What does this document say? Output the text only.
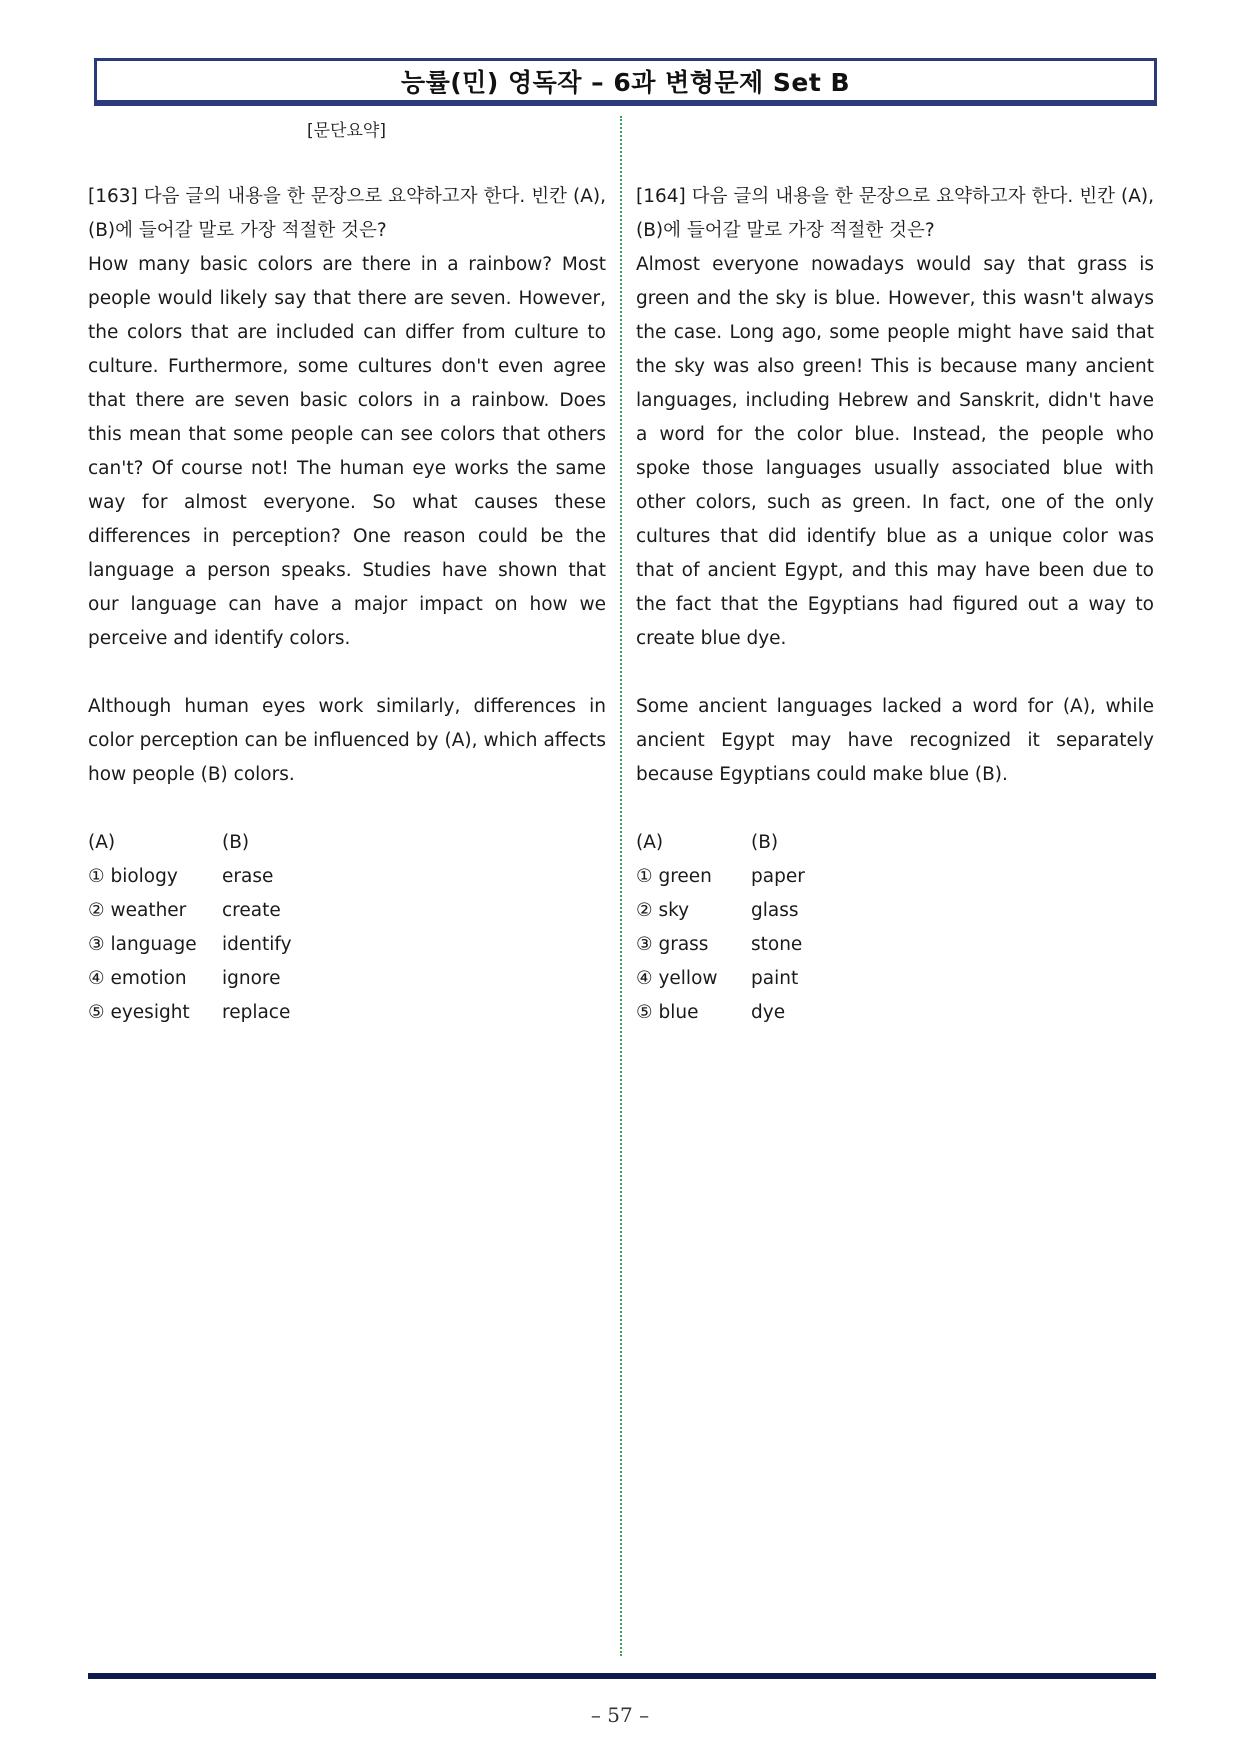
능률(민) 영독작 – 6과 변형문제 Set B
[문단요약]

[163] 다음 글의 내용을 한 문장으로 요약하고자 한다. 빈칸 (A), (B)에 들어갈 말로 가장 적절한 것은?

How many basic colors are there in a rainbow? Most people would likely say that there are seven. However, the colors that are included can differ from culture to culture. Furthermore, some cultures don't even agree that there are seven basic colors in a rainbow. Does this mean that some people can see colors that others can't? Of course not! The human eye works the same way for almost everyone. So what causes these differences in perception? One reason could be the language a person speaks. Studies have shown that our language can have a major impact on how we perceive and identify colors.

Although human eyes work similarly, differences in color perception can be influenced by (A), which affects how people (B) colors.

(A)	(B)
① biology	erase
② weather	create
③ language	identify
④ emotion	ignore
⑤ eyesight	replace

[164] 다음 글의 내용을 한 문장으로 요약하고자 한다. 빈칸 (A), (B)에 들어갈 말로 가장 적절한 것은?

Almost everyone nowadays would say that grass is green and the sky is blue. However, this wasn't always the case. Long ago, some people might have said that the sky was also green! This is because many ancient languages, including Hebrew and Sanskrit, didn't have a word for the color blue. Instead, the people who spoke those languages usually associated blue with other colors, such as green. In fact, one of the only cultures that did identify blue as a unique color was that of ancient Egypt, and this may have been due to the fact that the Egyptians had figured out a way to create blue dye.

Some ancient languages lacked a word for (A), while ancient Egypt may have recognized it separately because Egyptians could make blue (B).

(A)	(B)
① green	paper
② sky	glass
③ grass	stone
④ yellow	paint
⑤ blue	dye
– 57 –
